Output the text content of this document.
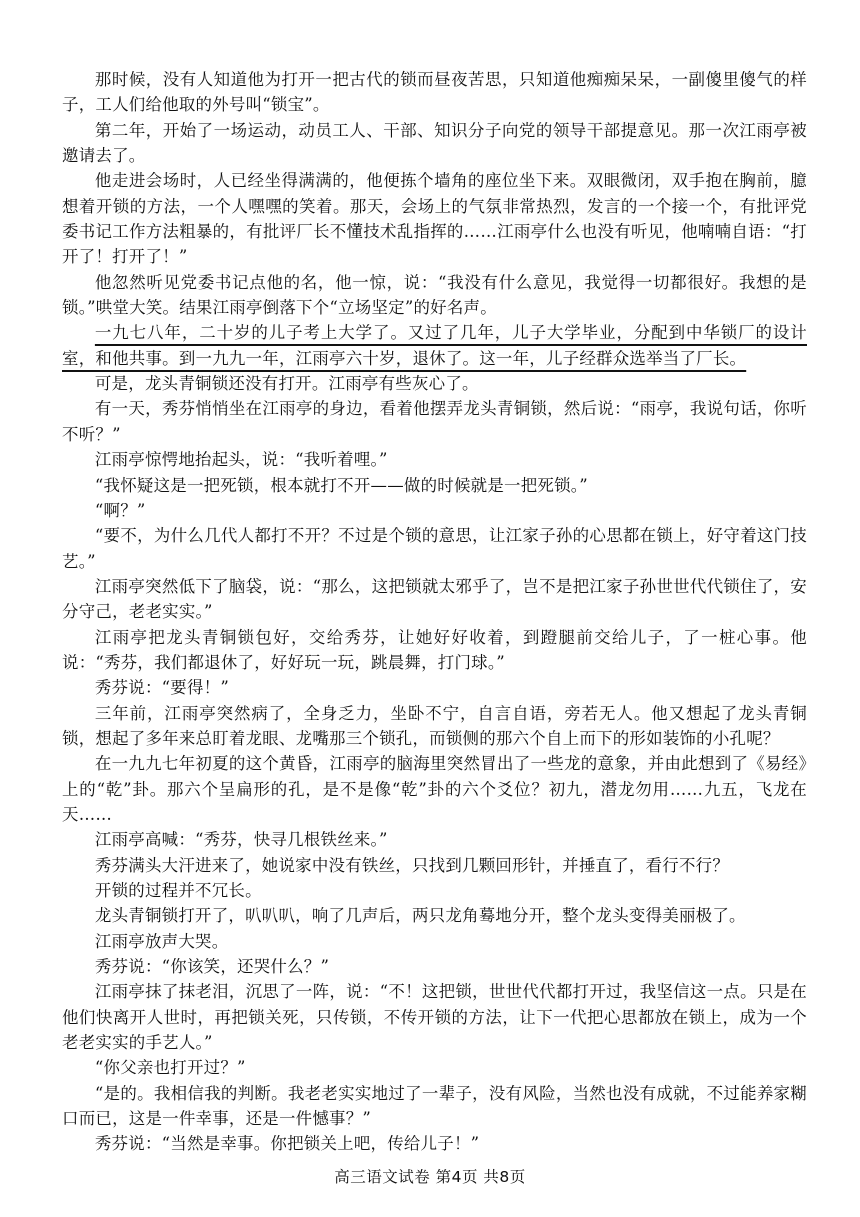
那时候，没有人知道他为打开一把古代的锁而昼夜苦思，只知道他痴痴呆呆，一副傻里傻气的样子，工人们给他取的外号叫“锁宝”。

第二年，开始了一场运动，动员工人、干部、知识分子向党的领导干部提意见。那一次江雨亭被邀请去了。

他走进会场时，人已经坐得满满的，他便拣个墙角的座位坐下来。双眼微闭，双手抱在胸前，臆想着开锁的方法，一个人嘿嘿的笑着。那天，会场上的气氛非常热烈，发言的一个接一个，有批评党委书记工作方法粗暴的，有批评厂长不懂技术乱指挥的……江雨亭什么也没有听见，他喃喃自语：“打开了！打开了！”

他忽然听见党委书记点他的名，他一惊，说：“我没有什么意见，我觉得一切都很好。我想的是锁。”哄堂大笑。结果江雨亭倒落下个“立场坚定”的好名声。

一九七八年，二十岁的儿子考上大学了。又过了几年，儿子大学毕业，分配到中华锁厂的设计室，和他共事。到一九九一年，江雨亭六十岁，退休了。这一年，儿子经群众选举当了厂长。

可是，龙头青铜锁还没有打开。江雨亭有些灰心了。

有一天，秀芬悄悄坐在江雨亭的身边，看着他摆弄龙头青铜锁，然后说：“雨亭，我说句话，你听不听？”

江雨亭惊愕地抬起头，说：“我听着哩。”

“我怀疑这是一把死锁，根本就打不开——做的时候就是一把死锁。”

“啊？”

“要不，为什么几代人都打不开？不过是个锁的意思，让江家子孙的心思都在锁上，好守着这门技艺。”

江雨亭突然低下了脑袋，说：“那么，这把锁就太邪乎了，岂不是把江家子孙世世代代锁住了，安分守己，老老实实。”

江雨亭把龙头青铜锁包好，交给秀芬，让她好好收着，到蹬腿前交给儿子，了一桩心事。他说：“秀芬，我们都退休了，好好玩一玩，跳晨舞，打门球。”

秀芬说：“要得！”

三年前，江雨亭突然病了，全身乏力，坐卧不宁，自言自语，旁若无人。他又想起了龙头青铜锁，想起了多年来总盯着龙眼、龙嘴那三个锁孔，而锁侧的那六个自上而下的形如装饰的小孔呢？

在一九九七年初夏的这个黄昏，江雨亭的脑海里突然冒出了一些龙的意象，并由此想到了《易经》上的“乾”卦。那六个呈扁形的孔，是不是像“乾”卦的六个爻位？初九，潜龙勿用……九五，飞龙在天……

江雨亭高喊：“秀芬，快寻几根铁丝来。”

秀芬满头大汗进来了，她说家中没有铁丝，只找到几颗回形针，并捶直了，看行不行？

开锁的过程并不冗长。

龙头青铜锁打开了，叭叭叭，响了几声后，两只龙角蓦地分开，整个龙头变得美丽极了。

江雨亭放声大哭。

秀芬说：“你该笑，还哭什么？”

江雨亭抹了抹老泪，沉思了一阵，说：“不！这把锁，世世代代都打开过，我坚信这一点。只是在他们快离开人世时，再把锁关死，只传锁，不传开锁的方法，让下一代把心思都放在锁上，成为一个老老实实的手艺人。”

“你父亲也打开过？”

“是的。我相信我的判断。我老老实实地过了一辈子，没有风险，当然也没有成就，不过能养家糊口而已，这是一件幸事，还是一件憾事？”

秀芬说：“当然是幸事。你把锁关上吧，传给儿子！”

高三语文试卷 第4页 共8页
